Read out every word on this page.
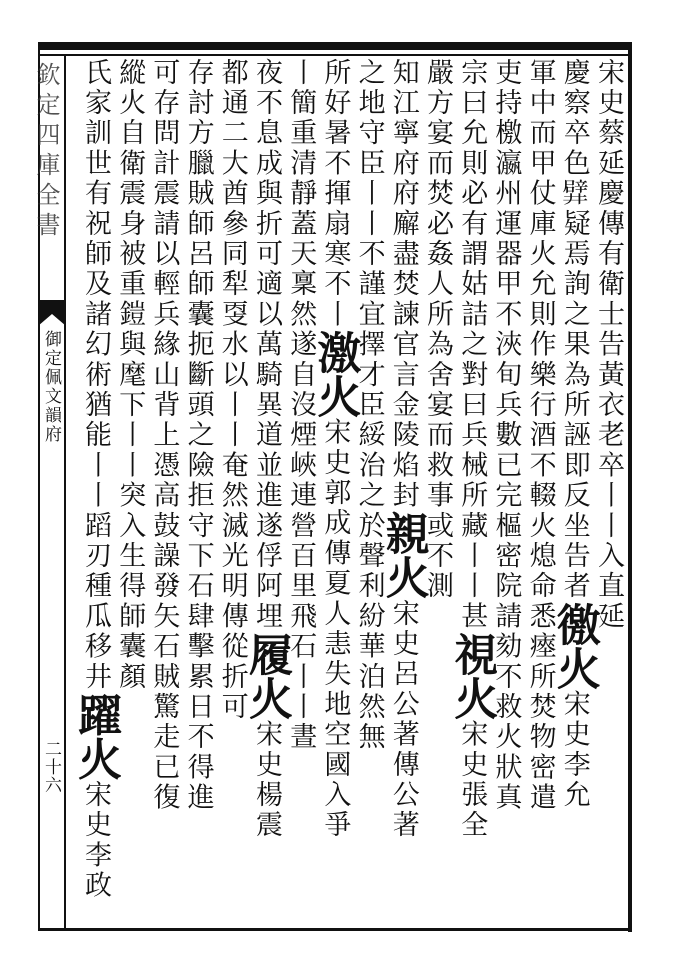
欽定四庫全書
御定佩文韻府
二十六
宋史蔡延慶傳有衛士告黃衣老卒丨丨入直延
慶察卒色𨐨疑焉詢之果為所誣即反坐告者徼火宋史李允
軍中而甲仗庫火允則作樂行酒不輟火熄命悉瘞所焚物密遣
吏持檄瀛州運器甲不浹旬兵數已完樞密院請劾不救火狀真
宗曰允則必有謂姑詰之對曰兵械所藏丨丨甚視火宋史張全
嚴方宴而焚必姦人所為舍宴而救事或不測
知江寧府府廨盡焚諫官言金陵焰封親火宋史呂公著傳公著
之地守臣丨丨不謹宜擇才臣綏治之於聲利紛華泊然無
所好暑不揮扇寒不丨激火宋史郭成傳夏人恚失地空國入爭
丨簡重清靜蓋天稟然遂自沒煙峽連營百里飛石丨丨晝
夜不息成與折可適以萬騎異道並進遂俘阿埋履火宋史楊震
都通二大酋參同犁㪅水以丨丨奄然滅光明傳從折可
存討方臘賊師呂師囊扼斷頭之險拒守下石肆擊累日不得進
可存問計震請以輕兵緣山背上憑高鼓譟發矢石賊驚走已復
縱火自衛震身被重鎧與麾下丨丨突入生得師囊顏
氏家訓世有祝師及諸幻術猶能丨丨蹈刃種瓜移井躍火宋史李政
